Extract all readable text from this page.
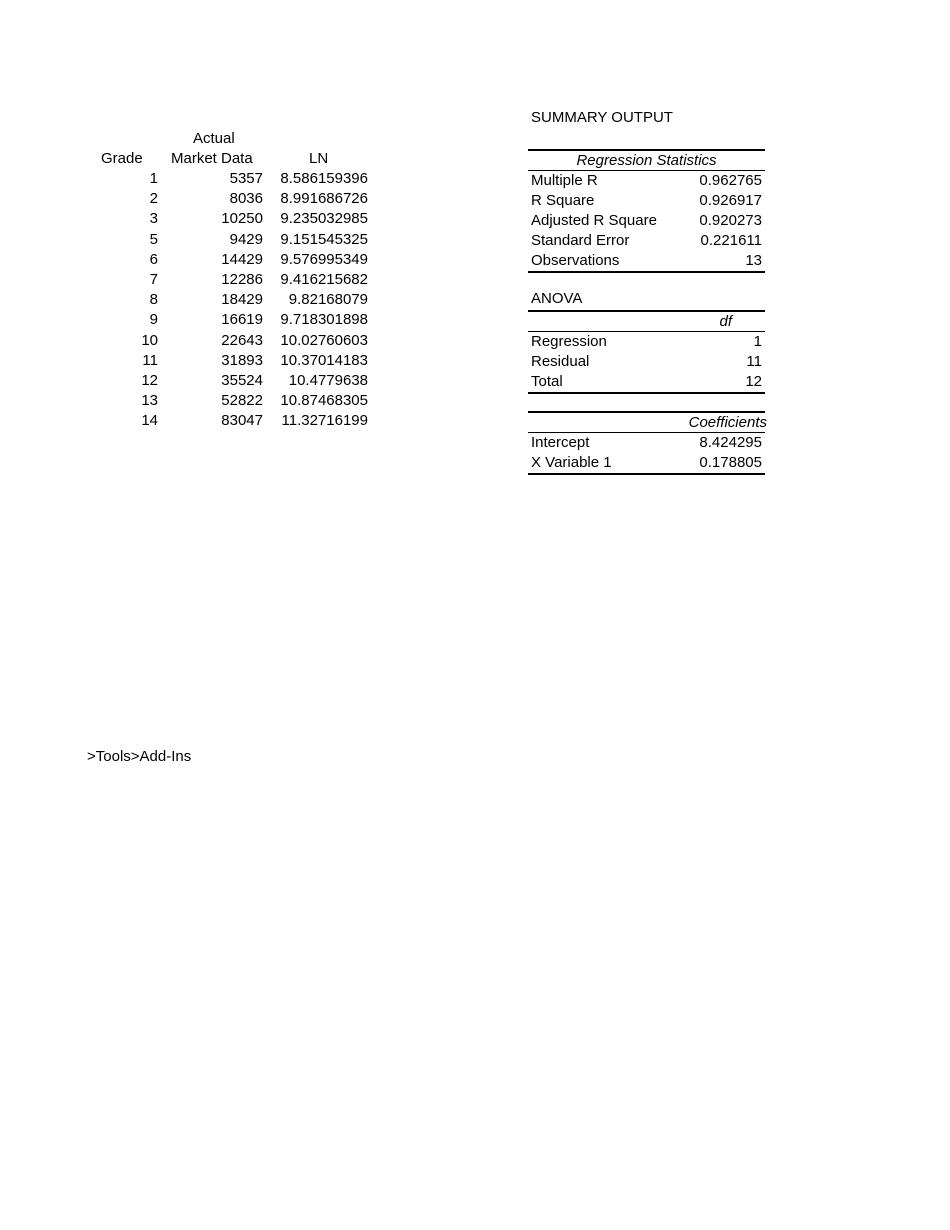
Actual
Grade Market Data	LN
1	5357 8.586159396
2	8036 8.991686726
3	10250 9.235032985
5	9429 9.151545325
6	14429 9.576995349
7	12286 9.416215682
8	18429 9.82168079
9	16619 9.718301898
10	22643 10.02760603
11	31893 10.37014183
12	35524 10.4779638
13	52822 10.87468305
14	83047 11.32716199
SUMMARY OUTPUT
Regression Statistics
Multiple R	0.962765
R Square	0.926917
Adjusted R Square	0.920273
Standard Error	0.221611
Observations	13
ANOVA
df
Regression	1
Residual	11
Total	12
Coefficients
Intercept	8.424295
X Variable 1	0.178805
>Tools>Add-Ins
